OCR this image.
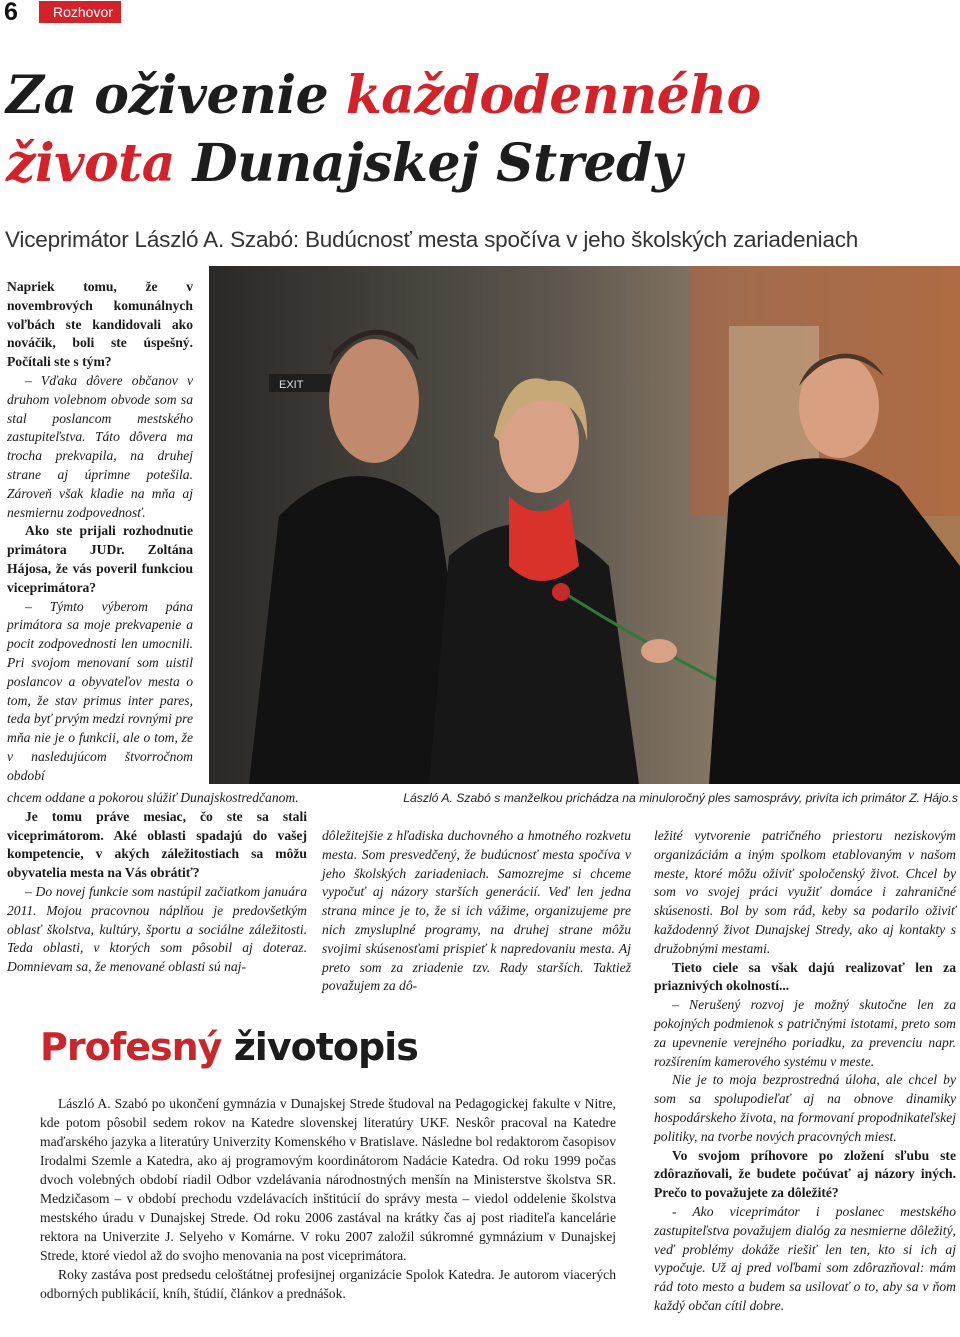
6	Rozhovor
Za oživenie každodenného
života Dunajskej Stredy
Viceprimátor László A. Szabó: Budúcnosť mesta spočíva v jeho školských zariadeniach
EXIT
László A. Szabó s manželkou prichádza na minuloročný ples samosprávy, privíta ich primátor Z. Hájo.s
Napriek tomu, že v novembrových komunálnych voľbách ste kandidovali ako nováčik, boli ste úspešný. Počítali ste s tým?
– Vďaka dôvere občanov v druhom volebnom obvode som sa stal poslancom mestského zastupiteľstva. Táto dôvera ma trocha prekvapila, na druhej strane aj úprimne potešila. Zároveň však kladie na mňa aj nesmiernu zodpovednosť.
Ako ste prijali rozhodnutie primátora JUDr. Zoltána Hájosa, že vás poveril funkciou viceprimátora?
– Týmto výberom pána primátora sa moje prekvapenie a pocit zodpovednosti len umocnili. Pri svojom menovaní som uistil poslancov a obyvateľov mesta o tom, že stav primus inter pares, teda byť prvým medzi rovnými pre mňa nie je o funkcii, ale o tom, že v nasledujúcom štvorročnom období
chcem oddane a pokorou slúžiť Dunajskostredčanom.
Je tomu práve mesiac, čo ste sa stali viceprimátorom. Aké oblasti spadajú do vašej kompetencie, v akých záležitostiach sa môžu obyvatelia mesta na Vás obrátiť?
– Do novej funkcie som nastúpil začiatkom januára 2011. Mojou pracovnou náplňou je predovšetkým oblasť školstva, kultúry, športu a sociálne záležitosti. Teda oblasti, v ktorých som pôsobil aj doteraz. Domnievam sa, že menované oblasti sú naj-
dôležitejšie z hľadiska duchovného a hmotného rozkvetu mesta. Som presvedčený, že budúcnosť mesta spočíva v jeho školských zariadeniach. Samozrejme si chceme vypočuť aj názory starších generácií. Veď len jedna strana mince je to, že si ich vážime, organizujeme pre nich zmysluplné programy, na druhej strane môžu svojimi skúsenosťami prispieť k napredovaniu mesta. Aj preto som za zriadenie tzv. Rady starších. Taktiež považujem za dô-
ležité vytvorenie patričného priestoru neziskovým organizáciám a iným spolkom etablovaným v našom meste, ktoré môžu oživiť spoločenský život. Chcel by som vo svojej práci využiť domáce i zahraničné skúsenosti. Bol by som rád, keby sa podarilo oživiť každodenný život Dunajskej Stredy, ako aj kontakty s družobnými mestami.
Tieto ciele sa však dajú realizovať len za priaznivých okolností...
– Nerušený rozvoj je možný skutočne len za pokojných podmienok s patričnými istotami, preto som za upevnenie verejného poriadku, za prevenciu napr. rozšírením kamerového systému v meste.
Nie je to moja bezprostredná úloha, ale chcel by som sa spolupodieľať aj na obnove dinamiky hospodárskeho života, na formovaní propodnikateľskej politiky, na tvorbe nových pracovných miest.
Vo svojom príhovore po zložení sľubu ste zdôrazňovali, že budete počúvať aj názory iných. Prečo to považujete za dôležité?
- Ako viceprimátor i poslanec mestského zastupiteľstva považujem dialóg za nesmierne dôležitý, veď problémy dokáže riešiť len ten, kto si ich aj vypočuje. Už aj pred voľbami som zdôrazňoval: mám rád toto mesto a budem sa usilovať o to, aby sa v ňom každý občan cítil dobre.
Profesný životopis

László A. Szabó po ukončení gymnázia v Dunajskej Strede študoval na Pedagogickej fakulte v Nitre, kde potom pôsobil sedem rokov na Katedre slovenskej literatúry UKF. Neskôr pracoval na Katedre maďarského jazyka a literatúry Univerzity Komenského v Bratislave. Následne bol redaktorom časopisov Irodalmi Szemle a Katedra, ako aj programovým koordinátorom Nadácie Katedra. Od roku 1999 počas dvoch volebných období riadil Odbor vzdelávania národnostných menšín na Ministerstve školstva SR. Medzičasom – v období prechodu vzdelávacích inštitúcií do správy mesta – viedol oddelenie školstva mestského úradu v Dunajskej Strede. Od roku 2006 zastával na krátky čas aj post riaditeľa kancelárie rektora na Univerzite J. Selyeho v Komárne. V roku 2007 založil súkromné gymnázium v Dunajskej Strede, ktoré viedol až do svojho menovania na post viceprimátora.

Roky zastáva post predsedu celoštátnej profesijnej organizácie Spolok Katedra. Je autorom viacerých odborných publikácií, kníh, štúdií, článkov a prednášok.
